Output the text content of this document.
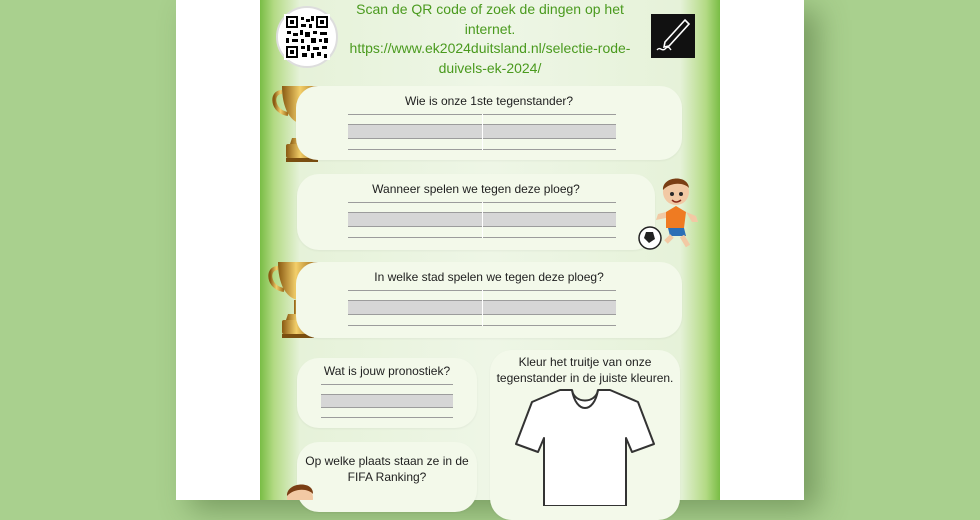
Scan de QR code of zoek de dingen op het
internet.
https://www.ek2024duitsland.nl/selectie-rode-
duivels-ek-2024/
Wie is onze 1ste tegenstander?
Wanneer spelen we tegen deze ploeg?
In welke stad spelen we tegen deze ploeg?
Wat is jouw pronostiek?
Kleur het truitje van onze
tegenstander in de juiste kleuren.
Op welke plaats staan ze in de
FIFA Ranking?
